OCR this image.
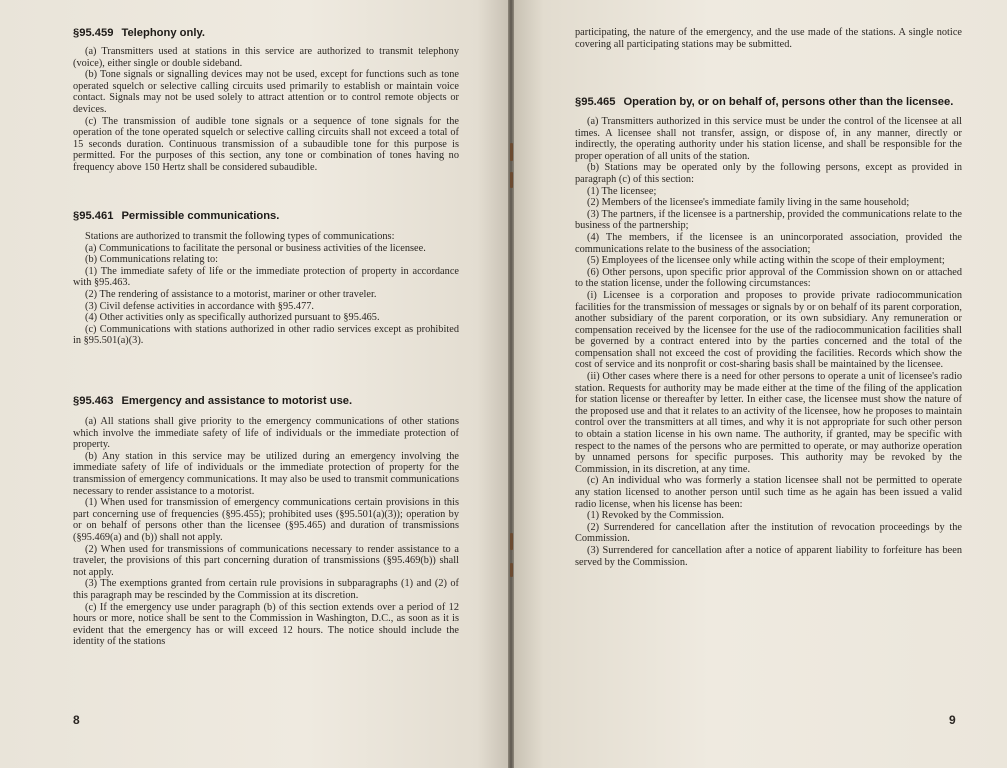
§95.459 Telephony only.

(a) Transmitters used at stations in this service are authorized to transmit telephony (voice), either single or double sideband.

(b) Tone signals or signalling devices may not be used, except for functions such as tone operated squelch or selective calling circuits used primarily to establish or maintain voice contact. Signals may not be used solely to attract attention or to control remote objects or devices.

(c) The transmission of audible tone signals or a sequence of tone signals for the operation of the tone operated squelch or selective calling circuits shall not exceed a total of 15 seconds duration. Continuous transmission of a subaudible tone for this purpose is permitted. For the purposes of this section, any tone or combination of tones having no frequency above 150 Hertz shall be considered subaudible.

§95.461 Permissible communications.

Stations are authorized to transmit the following types of communications:

(a) Communications to facilitate the personal or business activities of the licensee.

(b) Communications relating to:

(1) The immediate safety of life or the immediate protection of property in accordance with §95.463.

(2) The rendering of assistance to a motorist, mariner or other traveler.

(3) Civil defense activities in accordance with §95.477.

(4) Other activities only as specifically authorized pursuant to §95.465.

(c) Communications with stations authorized in other radio services except as prohibited in §95.501(a)(3).

§95.463 Emergency and assistance to motorist use.

(a) All stations shall give priority to the emergency communications of other stations which involve the immediate safety of life of individuals or the immediate protection of property.

(b) Any station in this service may be utilized during an emergency involving the immediate safety of life of individuals or the immediate protection of property for the transmission of emergency communications. It may also be used to transmit communications necessary to render assistance to a motorist.

(1) When used for transmission of emergency communications certain provisions in this part concerning use of frequencies (§95.455); prohibited uses (§95.501(a)(3)); operation by or on behalf of persons other than the licensee (§95.465) and duration of transmissions (§95.469(a) and (b)) shall not apply.

(2) When used for transmissions of communications necessary to render assistance to a traveler, the provisions of this part concerning duration of transmissions (§95.469(b)) shall not apply.

(3) The exemptions granted from certain rule provisions in subparagraphs (1) and (2) of this paragraph may be rescinded by the Commission at its discretion.

(c) If the emergency use under paragraph (b) of this section extends over a period of 12 hours or more, notice shall be sent to the Commission in Washington, D.C., as soon as it is evident that the emergency has or will exceed 12 hours. The notice should include the identity of the stations

8

participating, the nature of the emergency, and the use made of the stations. A single notice covering all participating stations may be submitted.

§95.465 Operation by, or on behalf of, persons other than the licensee.

(a) Transmitters authorized in this service must be under the control of the licensee at all times. A licensee shall not transfer, assign, or dispose of, in any manner, directly or indirectly, the operating authority under his station license, and shall be responsible for the proper operation of all units of the station.

(b) Stations may be operated only by the following persons, except as provided in paragraph (c) of this section:

(1) The licensee;

(2) Members of the licensee's immediate family living in the same household;

(3) The partners, if the licensee is a partnership, provided the communications relate to the business of the partnership;

(4) The members, if the licensee is an unincorporated association, provided the communications relate to the business of the association;

(5) Employees of the licensee only while acting within the scope of their employment;

(6) Other persons, upon specific prior approval of the Commission shown on or attached to the station license, under the following circumstances:

(i) Licensee is a corporation and proposes to provide private radiocommunication facilities for the transmission of messages or signals by or on behalf of its parent corporation, another subsidiary of the parent corporation, or its own subsidiary. Any remuneration or compensation received by the licensee for the use of the radiocommunication facilities shall be governed by a contract entered into by the parties concerned and the total of the compensation shall not exceed the cost of providing the facilities. Records which show the cost of service and its nonprofit or cost-sharing basis shall be maintained by the licensee.

(ii) Other cases where there is a need for other persons to operate a unit of licensee's radio station. Requests for authority may be made either at the time of the filing of the application for station license or thereafter by letter. In either case, the licensee must show the nature of the proposed use and that it relates to an activity of the licensee, how he proposes to maintain control over the transmitters at all times, and why it is not appropriate for such other person to obtain a station license in his own name. The authority, if granted, may be specific with respect to the names of the persons who are permitted to operate, or may authorize operation by unnamed persons for specific purposes. This authority may be revoked by the Commission, in its discretion, at any time.

(c) An individual who was formerly a station licensee shall not be permitted to operate any station licensed to another person until such time as he again has been issued a valid radio license, when his license has been:

(1) Revoked by the Commission.

(2) Surrendered for cancellation after the institution of revocation proceedings by the Commission.

(3) Surrendered for cancellation after a notice of apparent liability to forfeiture has been served by the Commission.

9
